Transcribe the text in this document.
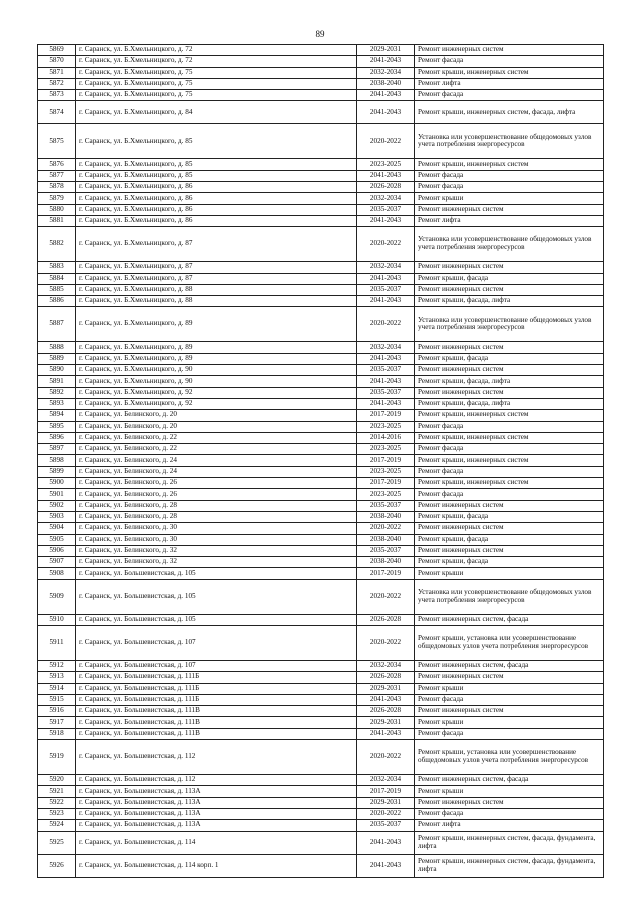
89
5869	г. Саранск, ул. Б.Хмельницкого, д. 72	2029-2031	Ремонт инженерных систем
5870	г. Саранск, ул. Б.Хмельницкого, д. 72	2041-2043	Ремонт фасада
5871	г. Саранск, ул. Б.Хмельницкого, д. 75	2032-2034	Ремонт крыши, инженерных систем
5872	г. Саранск, ул. Б.Хмельницкого, д. 75	2038-2040	Ремонт лифта
5873	г. Саранск, ул. Б.Хмельницкого, д. 75	2041-2043	Ремонт фасада
5874	г. Саранск, ул. Б.Хмельницкого, д. 84	2041-2043	Ремонт крыши, инженерных систем, фасада, лифта
5875	г. Саранск, ул. Б.Хмельницкого, д. 85	2020-2022	Установка или усовершенствование общедомовых узлов учета потребления энергоресурсов
5876	г. Саранск, ул. Б.Хмельницкого, д. 85	2023-2025	Ремонт крыши, инженерных систем
5877	г. Саранск, ул. Б.Хмельницкого, д. 85	2041-2043	Ремонт фасада
5878	г. Саранск, ул. Б.Хмельницкого, д. 86	2026-2028	Ремонт фасада
5879	г. Саранск, ул. Б.Хмельницкого, д. 86	2032-2034	Ремонт крыши
5880	г. Саранск, ул. Б.Хмельницкого, д. 86	2035-2037	Ремонт инженерных систем
5881	г. Саранск, ул. Б.Хмельницкого, д. 86	2041-2043	Ремонт лифта
5882	г. Саранск, ул. Б.Хмельницкого, д. 87	2020-2022	Установка или усовершенствование общедомовых узлов учета потребления энергоресурсов
5883	г. Саранск, ул. Б.Хмельницкого, д. 87	2032-2034	Ремонт инженерных систем
5884	г. Саранск, ул. Б.Хмельницкого, д. 87	2041-2043	Ремонт крыши, фасада
5885	г. Саранск, ул. Б.Хмельницкого, д. 88	2035-2037	Ремонт инженерных систем
5886	г. Саранск, ул. Б.Хмельницкого, д. 88	2041-2043	Ремонт крыши, фасада, лифта
5887	г. Саранск, ул. Б.Хмельницкого, д. 89	2020-2022	Установка или усовершенствование общедомовых узлов учета потребления энергоресурсов
5888	г. Саранск, ул. Б.Хмельницкого, д. 89	2032-2034	Ремонт инженерных систем
5889	г. Саранск, ул. Б.Хмельницкого, д. 89	2041-2043	Ремонт крыши, фасада
5890	г. Саранск, ул. Б.Хмельницкого, д. 90	2035-2037	Ремонт инженерных систем
5891	г. Саранск, ул. Б.Хмельницкого, д. 90	2041-2043	Ремонт крыши, фасада, лифта
5892	г. Саранск, ул. Б.Хмельницкого, д. 92	2035-2037	Ремонт инженерных систем
5893	г. Саранск, ул. Б.Хмельницкого, д. 92	2041-2043	Ремонт крыши, фасада, лифта
5894	г. Саранск, ул. Белинского, д. 20	2017-2019	Ремонт крыши, инженерных систем
5895	г. Саранск, ул. Белинского, д. 20	2023-2025	Ремонт фасада
5896	г. Саранск, ул. Белинского, д. 22	2014-2016	Ремонт крыши, инженерных систем
5897	г. Саранск, ул. Белинского, д. 22	2023-2025	Ремонт фасада
5898	г. Саранск, ул. Белинского, д. 24	2017-2019	Ремонт крыши, инженерных систем
5899	г. Саранск, ул. Белинского, д. 24	2023-2025	Ремонт фасада
5900	г. Саранск, ул. Белинского, д. 26	2017-2019	Ремонт крыши, инженерных систем
5901	г. Саранск, ул. Белинского, д. 26	2023-2025	Ремонт фасада
5902	г. Саранск, ул. Белинского, д. 28	2035-2037	Ремонт инженерных систем
5903	г. Саранск, ул. Белинского, д. 28	2038-2040	Ремонт крыши, фасада
5904	г. Саранск, ул. Белинского, д. 30	2020-2022	Ремонт инженерных систем
5905	г. Саранск, ул. Белинского, д. 30	2038-2040	Ремонт крыши, фасада
5906	г. Саранск, ул. Белинского, д. 32	2035-2037	Ремонт инженерных систем
5907	г. Саранск, ул. Белинского, д. 32	2038-2040	Ремонт крыши, фасада
5908	г. Саранск, ул. Большевистская, д. 105	2017-2019	Ремонт крыши
5909	г. Саранск, ул. Большевистская, д. 105	2020-2022	Установка или усовершенствование общедомовых узлов учета потребления энергоресурсов
5910	г. Саранск, ул. Большевистская, д. 105	2026-2028	Ремонт инженерных систем, фасада
5911	г. Саранск, ул. Большевистская, д. 107	2020-2022	Ремонт крыши, установка или усовершенствование общедомовых узлов учета потребления энергоресурсов
5912	г. Саранск, ул. Большевистская, д. 107	2032-2034	Ремонт инженерных систем, фасада
5913	г. Саранск, ул. Большевистская, д. 111Б	2026-2028	Ремонт инженерных систем
5914	г. Саранск, ул. Большевистская, д. 111Б	2029-2031	Ремонт крыши
5915	г. Саранск, ул. Большевистская, д. 111Б	2041-2043	Ремонт фасада
5916	г. Саранск, ул. Большевистская, д. 111В	2026-2028	Ремонт инженерных систем
5917	г. Саранск, ул. Большевистская, д. 111В	2029-2031	Ремонт крыши
5918	г. Саранск, ул. Большевистская, д. 111В	2041-2043	Ремонт фасада
5919	г. Саранск, ул. Большевистская, д. 112	2020-2022	Ремонт крыши, установка или усовершенствование общедомовых узлов учета потребления энергоресурсов
5920	г. Саранск, ул. Большевистская, д. 112	2032-2034	Ремонт инженерных систем, фасада
5921	г. Саранск, ул. Большевистская, д. 113А	2017-2019	Ремонт крыши
5922	г. Саранск, ул. Большевистская, д. 113А	2029-2031	Ремонт инженерных систем
5923	г. Саранск, ул. Большевистская, д. 113А	2020-2022	Ремонт фасада
5924	г. Саранск, ул. Большевистская, д. 113А	2035-2037	Ремонт лифта
5925	г. Саранск, ул. Большевистская, д. 114	2041-2043	Ремонт крыши, инженерных систем, фасада, фундамента, лифта
5926	г. Саранск, ул. Большевистская, д. 114 корп. 1	2041-2043	Ремонт крыши, инженерных систем, фасада, фундамента, лифта
